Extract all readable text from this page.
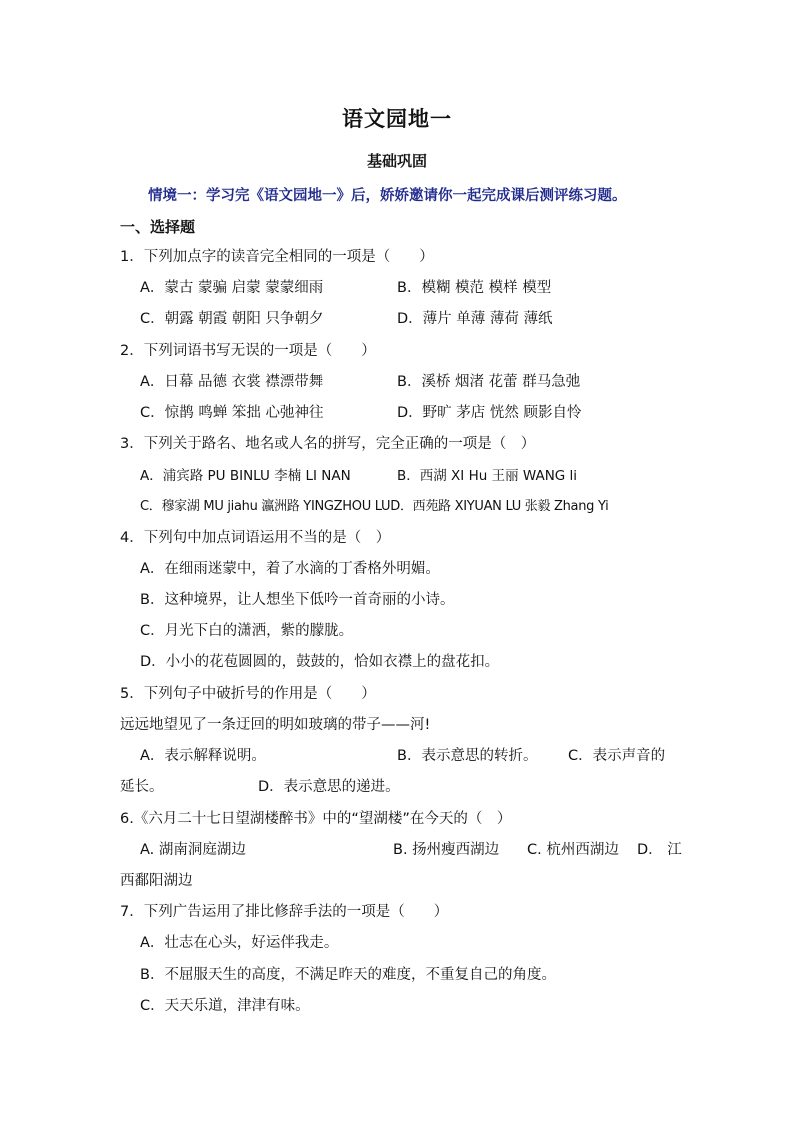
语文园地一
基础巩固
情境一：学习完《语文园地一》后，娇娇邀请你一起完成课后测评练习题。
一、选择题
1．下列加点字的读音完全相同的一项是（　　）
A．蒙古 蒙骗 启蒙 蒙蒙细雨	B．模糊 模范 模样 模型
C．朝露 朝霞 朝阳 只争朝夕	D．薄片 单薄 薄荷 薄纸
2．下列词语书写无误的一项是（　　）
A．日幕 品德 衣裳 襟漂带舞	B．溪桥 烟渚 花蕾 群马急弛
C．惊鹊 鸣蝉 笨拙 心弛神往	D．野旷 茅店 恍然 顾影自怜
3．下列关于路名、地名或人名的拼写，完全正确的一项是（　）
A．浦宾路 PU BINLU 李楠 LI NAN	B．西湖 XI Hu 王丽 WANG li
C．穆家湖 MU jiahu 瀛洲路 YINGZHOU LUD．西苑路 XIYUAN LU 张毅 Zhang Yi
4．下列句中加点词语运用不当的是（　）
A．在细雨迷蒙中，着了水滴的丁香格外明媚。
B．这种境界，让人想坐下低吟一首奇丽的小诗。
C．月光下白的潇洒，紫的朦胧。
D．小小的花苞圆圆的，鼓鼓的，恰如衣襟上的盘花扣。
5．下列句子中破折号的作用是（　　）
远远地望见了一条迂回的明如玻璃的带子——河!
A．表示解释说明。	B．表示意思的转折。 C．表示声音的
延长。	D．表示意思的递进。
6.《六月二十七日望湖楼醉书》中的“望湖楼”在今天的（　）
A. 湖南洞庭湖边	B. 扬州瘦西湖边 C. 杭州西湖边 D． 江
西鄱阳湖边
7．下列广告运用了排比修辞手法的一项是（　　）
A．壮志在心头，好运伴我走。
B．不屈服天生的高度，不满足昨天的难度，不重复自己的角度。
C．天天乐道，津津有味。
